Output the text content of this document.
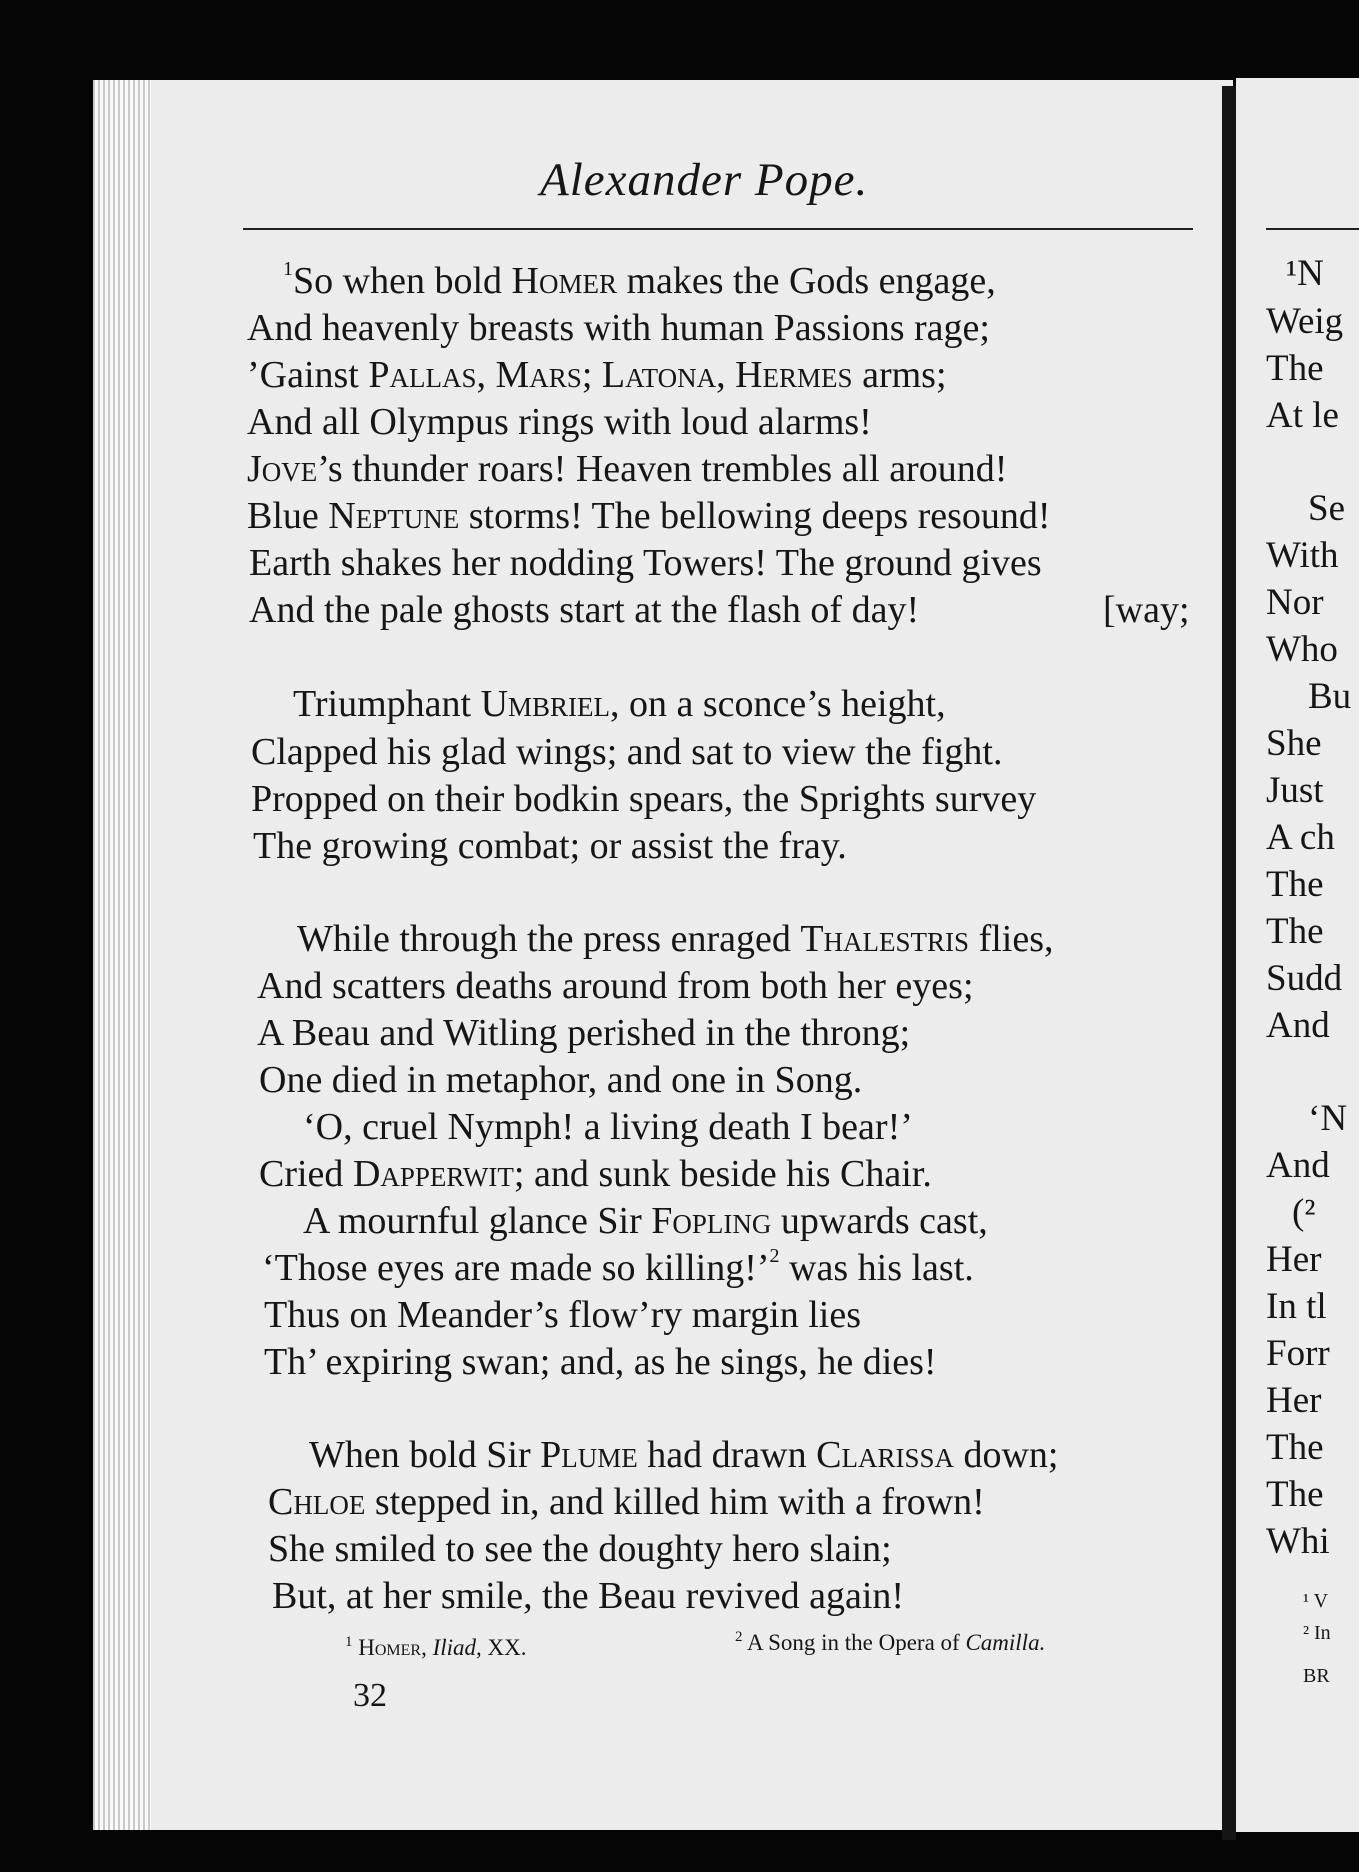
Alexander Pope.
$^1$So when bold Homer makes the Gods engage,
And heavenly breasts with human Passions rage;
’Gainst Pallas, Mars; Latona, Hermes arms;
And all Olympus rings with loud alarms!
Jove’s thunder roars! Heaven trembles all around!
Blue Neptune storms! The bellowing deeps resound!
Earth shakes her nodding Towers! The ground gives
And the pale ghosts start at the flash of day!	[way;
Triumphant Umbriel, on a sconce’s height,
Clapped his glad wings; and sat to view the fight.
Propped on their bodkin spears, the Sprights survey
The growing combat; or assist the fray.
While through the press enraged Thalestris flies,
And scatters deaths around from both her eyes;
A Beau and Witling perished in the throng;
One died in metaphor, and one in Song.
‘O, cruel Nymph! a living death I bear!’
Cried Dapperwit; and sunk beside his Chair.
A mournful glance Sir Fopling upwards cast,
‘Those eyes are made so killing!’$^2$ was his last.
Thus on Meander’s flow’ry margin lies
Th’ expiring swan; and, as he sings, he dies!
When bold Sir Plume had drawn Clarissa down;
Chloe stepped in, and killed him with a frown!
She smiled to see the doughty hero slain;
But, at her smile, the Beau revived again!
$^1$ Homer, Iliad, XX.	$^2$ A Song in the Opera of Camilla.
32
¹N
Weig
The
At le
Se
With
Nor
Who
Bu
She
Just
A ch
The
The
Sudd
And
‘N
And
(²
Her
In tl
Forr
Her
The
The
Whi
¹ V
² In
BR
